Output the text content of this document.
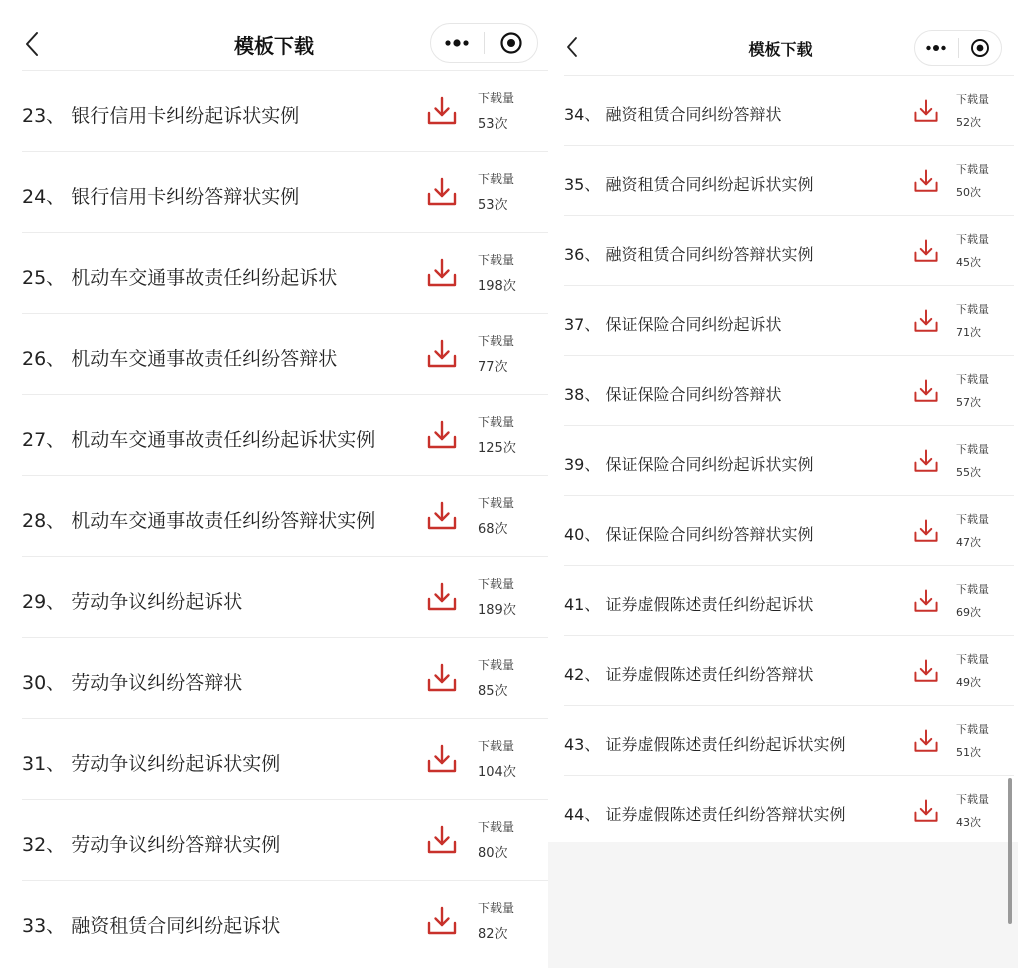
模板下载
23、 银行信用卡纠纷起诉状实例
下载量
53次
24、 银行信用卡纠纷答辩状实例
下载量
53次
25、 机动车交通事故责任纠纷起诉状
下载量
198次
26、 机动车交通事故责任纠纷答辩状
下载量
77次
27、 机动车交通事故责任纠纷起诉状实例
下载量
125次
28、 机动车交通事故责任纠纷答辩状实例
下载量
68次
29、 劳动争议纠纷起诉状
下载量
189次
30、 劳动争议纠纷答辩状
下载量
85次
31、 劳动争议纠纷起诉状实例
下载量
104次
32、 劳动争议纠纷答辩状实例
下载量
80次
33、 融资租赁合同纠纷起诉状
下载量
82次
模板下载
34、 融资租赁合同纠纷答辩状
下载量
52次
35、 融资租赁合同纠纷起诉状实例
下载量
50次
36、 融资租赁合同纠纷答辩状实例
下载量
45次
37、 保证保险合同纠纷起诉状
下载量
71次
38、 保证保险合同纠纷答辩状
下载量
57次
39、 保证保险合同纠纷起诉状实例
下载量
55次
40、 保证保险合同纠纷答辩状实例
下载量
47次
41、 证券虚假陈述责任纠纷起诉状
下载量
69次
42、 证券虚假陈述责任纠纷答辩状
下载量
49次
43、 证券虚假陈述责任纠纷起诉状实例
下载量
51次
44、 证券虚假陈述责任纠纷答辩状实例
下载量
43次
